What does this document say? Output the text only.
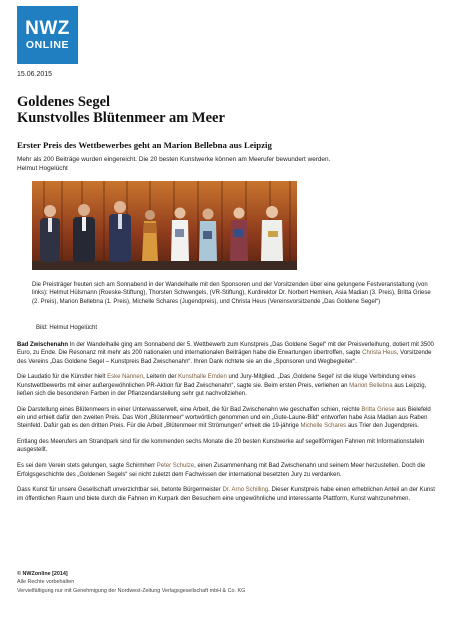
NWZ
ONLINE
15.06.2015
Goldenes Segel
Kunstvolles Blütenmeer am Meer
Erster Preis des Wettbewerbes geht an Marion Bellebna aus Leipzig
Mehr als 200 Beiträge wurden eingereicht. Die 20 besten Kunstwerke können am Meerufer bewundert werden.
Helmut Hogelücht
Die Preisträger freuten sich am Sonnabend in der Wandelhalle mit den Sponsoren und der Vorsitzenden über eine gelungene Festveranstaltung (von links): Helmut Hülsmann (Roeske-Stiftung), Thorsten Schwengels, (VR-Stiftung), Kurdirektor Dr. Norbert Hemken, Asia Madian (3. Preis), Britta Griese (2. Preis), Marion Bellebna (1. Preis), Michelle Schares (Jugendpreis), und Christa Heus (Vereinsvorsitzende „Das Goldene Segel“)
Bild: Helmut Hogelücht

Bad Zwischenahn In der Wandelhalle ging am Sonnabend der 5. Wettbewerb zum Kunstpreis „Das Goldene Segel“ mit der Preisverleihung, dotiert mit 3500 Euro, zu Ende. Die Resonanz mit mehr als 200 nationalen und internationalen Beiträgen habe die Erwartungen übertroffen, sagte Christa Heus, Vorsitzende des Vereins „Das Goldene Segel – Kunstpreis Bad Zwischenahn“. Ihren Dank richtete sie an die „Sponsoren und Wegbegleiter“.

Die Laudatio für die Künstler hielt Eske Nannen, Leiterin der Kunsthalle Emden und Jury-Mitglied. „Das ‚Goldene Segel‘ ist die kluge Verbindung eines Kunstwettbewerbs mit einer außergewöhnlichen PR-Aktion für Bad Zwischenahn“, sagte sie. Beim ersten Preis, verliehen an Marion Bellebna aus Leipzig, ließen sich die besonderen Farben in der Pflanzendarstellung sehr gut nachvollziehen.

Die Darstellung eines Blütenmeers in einer Unterwasserwelt, eine Arbeit, die für Bad Zwischenahn wie geschaffen schien, reichte Britta Griese aus Bielefeld ein und erhielt dafür den zweiten Preis. Das Wort „Blütenmeer“ wortwörtlich genommen und ein „Gute-Laune-Bild“ entworfen habe Asia Madian aus Raben Steinfeld. Dafür gab es den dritten Preis. Für die Arbeit „Blütenmeer mit Strömungen“ erhielt die 19-jährige Michelle Schares aus Trier den Jugendpreis.

Entlang des Meerufers am Strandpark sind für die kommenden sechs Monate die 20 besten Kunstwerke auf segelförmigen Fahnen mit Informationstafeln ausgestellt.

Es sei dem Verein stets gelungen, sagte Schirmherr Peter Schulze, einen Zusammenhang mit Bad Zwischenahn und seinem Meer herzustellen. Doch die Erfolgsgeschichte des „Goldenen Segels“ sei nicht zuletzt dem Fachwissen der international besetzten Jury zu verdanken.

Dass Kunst für unsere Gesellschaft unverzichtbar sei, betonte Bürgermeister Dr. Arno Schilling. Dieser Kunstpreis habe einen erheblichen Anteil an der Kunst im öffentlichen Raum und biete durch die Fahnen im Kurpark den Besuchern eine ungewöhnliche und interessante Plattform, Kunst wahrzunehmen.

© NWZonline [2014]
Alle Rechte vorbehalten
Vervielfältigung nur mit Genehmigung der Nordwest-Zeitung Verlagsgesellschaft mbH & Co. KG
